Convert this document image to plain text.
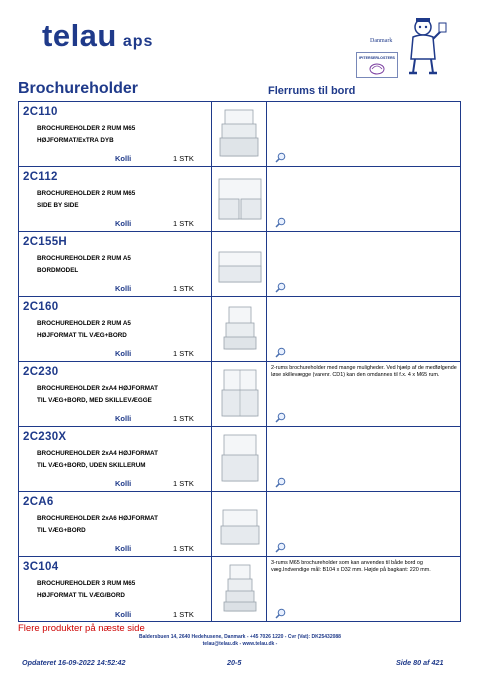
telau aps	Danmark
IPITERSERLOSTERS
Brochureholder	Flerrums til bord
2C110
BROCHUREHOLDER 2 RUM M65
HØJFORMAT/ExTRA DYB
Kolli	1 STK
2C112
BROCHUREHOLDER 2 RUM M65
SIDE BY SIDE
Kolli	1 STK
2C155H
BROCHUREHOLDER 2 RUM A5
BORDMODEL
Kolli	1 STK
2C160
BROCHUREHOLDER 2 RUM A5
HØJFORMAT TIL VÆG+BORD
Kolli	1 STK
2C230
BROCHUREHOLDER 2xA4 HØJFORMAT
TIL VÆG+BORD, MED SKILLEVÆGGE
Kolli	1 STK
2-rums brochureholder med mange muligheder. Ved hjælp af de medfølgende løse skillevægge (varenr. CD1) kan den omdannes til f.x. 4 x M65 rum.
2C230X
BROCHUREHOLDER 2xA4 HØJFORMAT
TIL VÆG+BORD, UDEN SKILLERUM
Kolli	1 STK
2CA6
BROCHUREHOLDER 2xA6 HØJFORMAT
TIL VÆG+BORD
Kolli	1 STK
3C104
BROCHUREHOLDER 3 RUM M65
HØJFORMAT TIL VÆG/BORD
Kolli	1 STK
3-rums M65 brochureholder som kan anvendes til både bord og væg.Indvendige mål: B104 x D32 mm. Højde på bagkant: 220 mm.
Flere produkter på næste side
Baldersbuen 14, 2640 Hedehusene, Danmark - +45 7026 1220 - Cvr (Vat): DK25432088
telau@telau.dk - www.telau.dk -
Opdateret 16-09-2022 14:52:42	20-5	Side 80 af 421
